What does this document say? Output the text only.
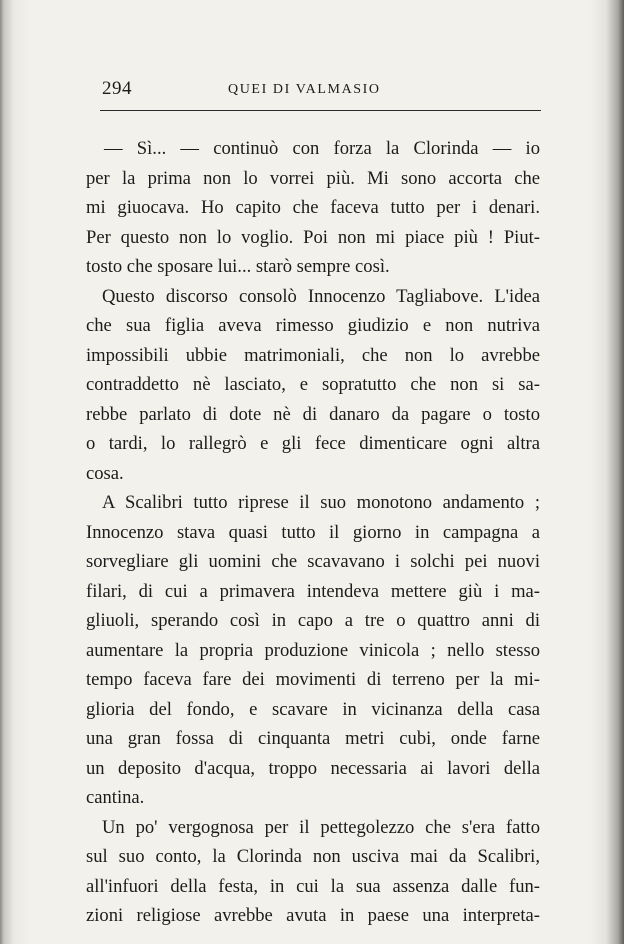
294	QUEI DI VALMASIO
— Sì... — continuò con forza la Clorinda — io
per la prima non lo vorrei più. Mi sono accorta che
mi giuocava. Ho capito che faceva tutto per i denari.
Per questo non lo voglio. Poi non mi piace più ! Piut-
tosto che sposare lui... starò sempre così.
Questo discorso consolò Innocenzo Tagliabove. L'idea
che sua figlia aveva rimesso giudizio e non nutriva
impossibili ubbie matrimoniali, che non lo avrebbe
contraddetto nè lasciato, e sopratutto che non si sa-
rebbe parlato di dote nè di danaro da pagare o tosto
o tardi, lo rallegrò e gli fece dimenticare ogni altra
cosa.
A Scalibri tutto riprese il suo monotono andamento ;
Innocenzo stava quasi tutto il giorno in campagna a
sorvegliare gli uomini che scavavano i solchi pei nuovi
filari, di cui a primavera intendeva mettere giù i ma-
gliuoli, sperando così in capo a tre o quattro anni di
aumentare la propria produzione vinicola ; nello stesso
tempo faceva fare dei movimenti di terreno per la mi-
glioria del fondo, e scavare in vicinanza della casa
una gran fossa di cinquanta metri cubi, onde farne
un deposito d'acqua, troppo necessaria ai lavori della
cantina.
Un po' vergognosa per il pettegolezzo che s'era fatto
sul suo conto, la Clorinda non usciva mai da Scalibri,
all'infuori della festa, in cui la sua assenza dalle fun-
zioni religiose avrebbe avuta in paese una interpreta-
